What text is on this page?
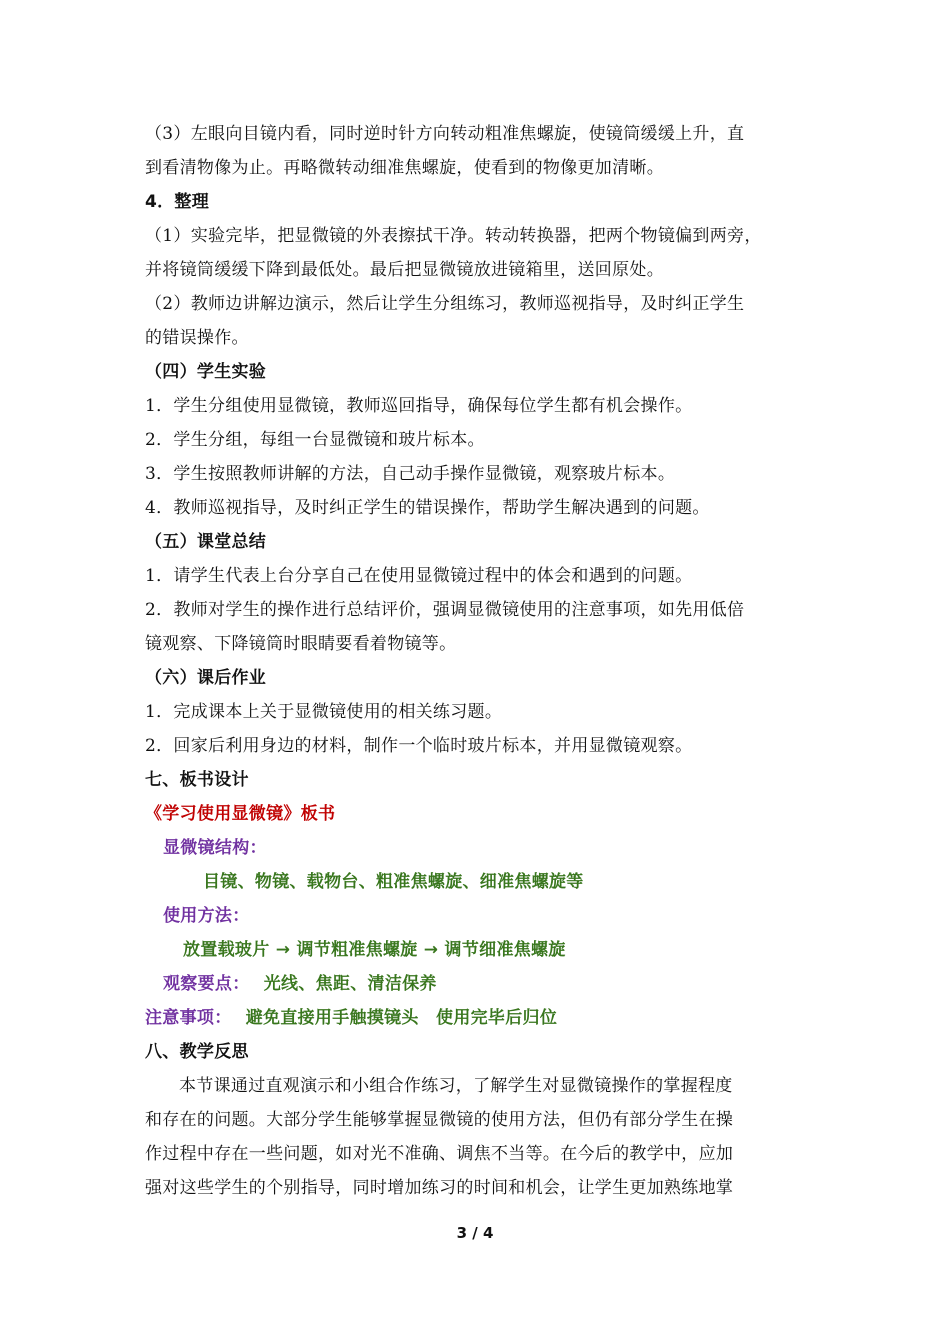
（3）左眼向目镜内看，同时逆时针方向转动粗准焦螺旋，使镜筒缓缓上升，直
到看清物像为止。再略微转动细准焦螺旋，使看到的物像更加清晰。
4．整理
（1）实验完毕，把显微镜的外表擦拭干净。转动转换器，把两个物镜偏到两旁，
并将镜筒缓缓下降到最低处。最后把显微镜放进镜箱里，送回原处。
（2）教师边讲解边演示，然后让学生分组练习，教师巡视指导，及时纠正学生
的错误操作。
（四）学生实验
1．学生分组使用显微镜，教师巡回指导，确保每位学生都有机会操作。
2．学生分组，每组一台显微镜和玻片标本。
3．学生按照教师讲解的方法，自己动手操作显微镜，观察玻片标本。
4．教师巡视指导，及时纠正学生的错误操作，帮助学生解决遇到的问题。
（五）课堂总结
1．请学生代表上台分享自己在使用显微镜过程中的体会和遇到的问题。
2．教师对学生的操作进行总结评价，强调显微镜使用的注意事项，如先用低倍
镜观察、下降镜筒时眼睛要看着物镜等。
（六）课后作业
1．完成课本上关于显微镜使用的相关练习题。
2．回家后利用身边的材料，制作一个临时玻片标本，并用显微镜观察。
七、板书设计
《学习使用显微镜》板书
显微镜结构：
目镜、物镜、载物台、粗准焦螺旋、细准焦螺旋等
使用方法：
放置载玻片 → 调节粗准焦螺旋 → 调节细准焦螺旋
观察要点： 光线、焦距、清洁保养
注意事项： 避免直接用手触摸镜头　使用完毕后归位
八、教学反思
本节课通过直观演示和小组合作练习，了解学生对显微镜操作的掌握程度
和存在的问题。大部分学生能够掌握显微镜的使用方法，但仍有部分学生在操
作过程中存在一些问题，如对光不准确、调焦不当等。在今后的教学中，应加
强对这些学生的个别指导，同时增加练习的时间和机会，让学生更加熟练地掌
3 / 4
